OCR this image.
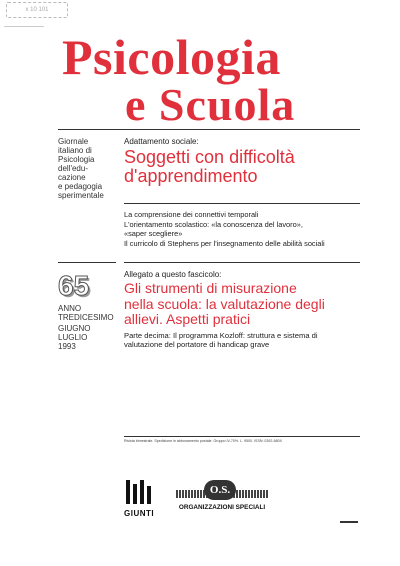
x 10 101
Psicologia
e Scuola
Giornale
italiano di
Psicologia
dell'edu-
cazione
e pedagogia
sperimentale
65
ANNO
TREDICESIMO
GIUGNO
LUGLIO
1993
Adattamento sociale:
Soggetti con difficoltà
d'apprendimento
La comprensione dei connettivi temporali
L'orientamento scolastico: «la conoscenza del lavoro»,
«saper scegliere»
Il curricolo di Stephens per l'insegnamento delle abilità sociali
Allegato a questo fascicolo:
Gli strumenti di misurazione
nella scuola: la valutazione degli
allievi. Aspetti pratici
Parte decima: Il programma Kozloff: struttura e sistema di
valutazione del portatore di handicap grave
Rivista bimestrale. Spedizione in abbonamento postale. Gruppo IV-70%. L. 9500. ISSN: 0392-680X
GIUNTI
O.S.
ORGANIZZAZIONI SPECIALI
